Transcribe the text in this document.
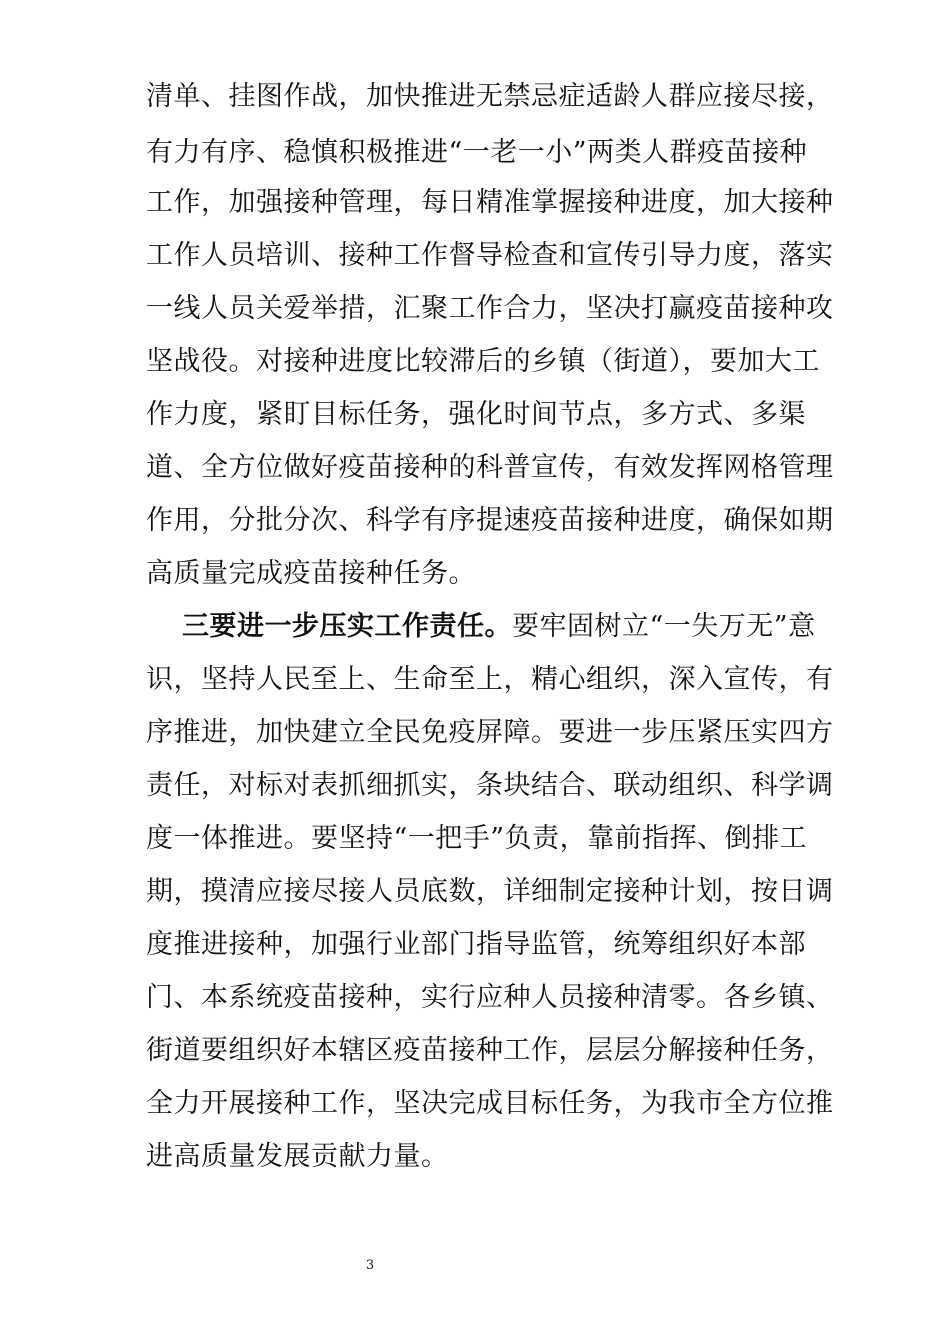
清单、挂图作战，加快推进无禁忌症适龄人群应接尽接，
有力有序、稳慎积极推进“一老一小”两类人群疫苗接种
工作，加强接种管理，每日精准掌握接种进度，加大接种
工作人员培训、接种工作督导检查和宣传引导力度，落实
一线人员关爱举措，汇聚工作合力，坚决打赢疫苗接种攻
坚战役。对接种进度比较滞后的乡镇（街道），要加大工
作力度，紧盯目标任务，强化时间节点，多方式、多渠
道、全方位做好疫苗接种的科普宣传，有效发挥网格管理
作用，分批分次、科学有序提速疫苗接种进度，确保如期
高质量完成疫苗接种任务。
三要进一步压实工作责任。要牢固树立“一失万无”意
识，坚持人民至上、生命至上，精心组织，深入宣传，有
序推进，加快建立全民免疫屏障。要进一步压紧压实四方
责任，对标对表抓细抓实，条块结合、联动组织、科学调
度一体推进。要坚持“一把手”负责，靠前指挥、倒排工
期，摸清应接尽接人员底数，详细制定接种计划，按日调
度推进接种，加强行业部门指导监管，统筹组织好本部
门、本系统疫苗接种，实行应种人员接种清零。各乡镇、
街道要组织好本辖区疫苗接种工作，层层分解接种任务，
全力开展接种工作，坚决完成目标任务，为我市全方位推
进高质量发展贡献力量。
3
